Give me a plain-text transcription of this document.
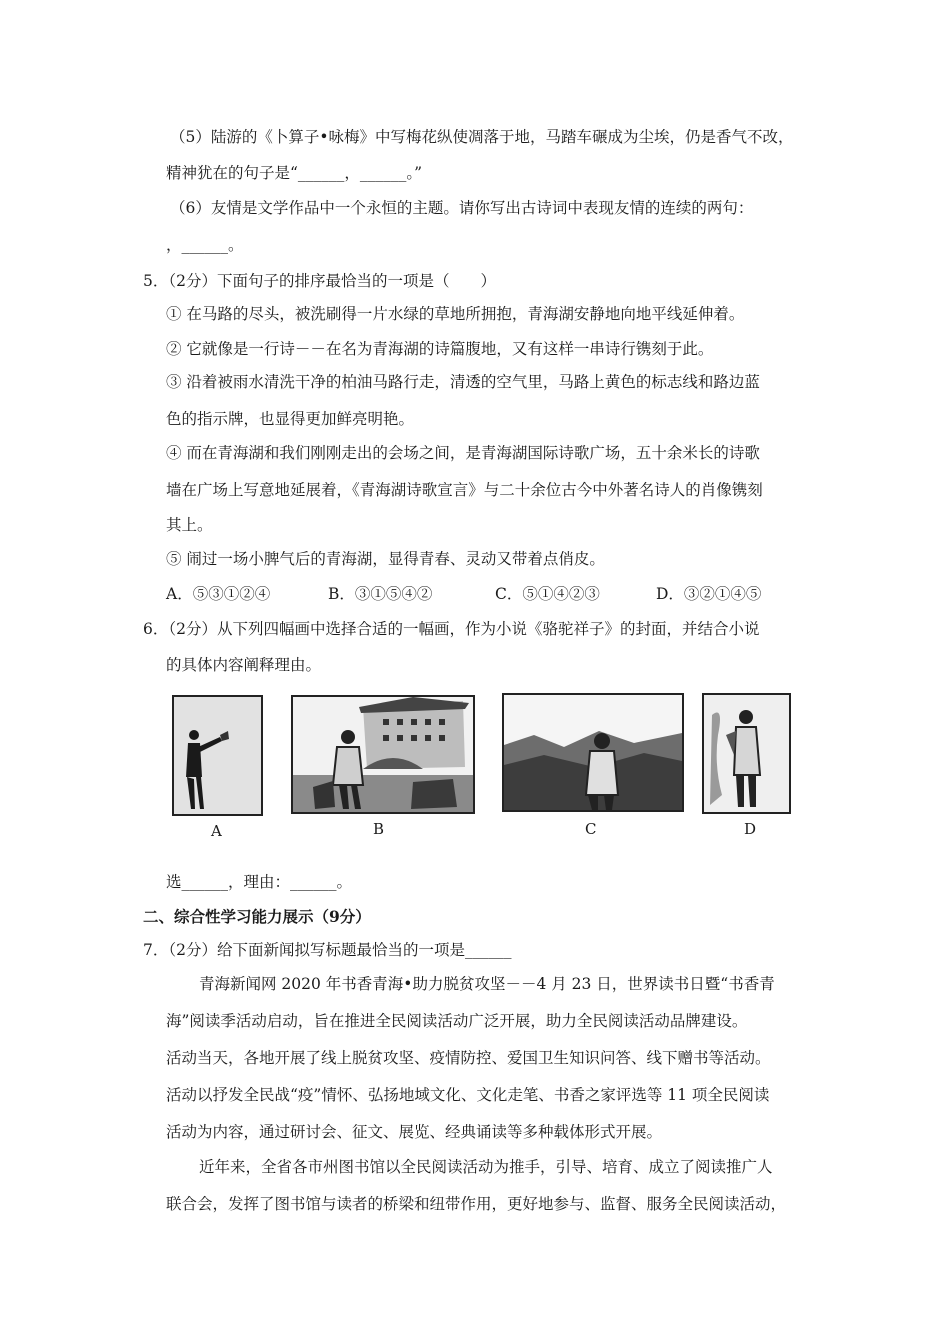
（5）陆游的《卜算子•咏梅》中写梅花纵使凋落于地，马踏车碾成为尘埃，仍是香气不改，
精神犹在的句子是“______，______。”
（6）友情是文学作品中一个永恒的主题。请你写出古诗词中表现友情的连续的两句：
，______。
5．（2分）下面句子的排序最恰当的一项是（　　）
① 在马路的尽头，被洗刷得一片水绿的草地所拥抱，青海湖安静地向地平线延伸着。
② 它就像是一行诗－－在名为青海湖的诗篇腹地，又有这样一串诗行镌刻于此。
③ 沿着被雨水清洗干净的柏油马路行走，清透的空气里，马路上黄色的标志线和路边蓝
色的指示牌，也显得更加鲜亮明艳。
④ 而在青海湖和我们刚刚走出的会场之间，是青海湖国际诗歌广场，五十余米长的诗歌
墙在广场上写意地延展着，《青海湖诗歌宣言》与二十余位古今中外著名诗人的肖像镌刻
其上。
⑤ 闹过一场小脾气后的青海湖，显得青春、灵动又带着点俏皮。
A．⑤③①②④	B．③①⑤④②	C．⑤①④②③	D．③②①④⑤
6．（2分）从下列四幅画中选择合适的一幅画，作为小说《骆驼祥子》的封面，并结合小说
的具体内容阐释理由。
A	B	C	D
选______，理由：______。
二、综合性学习能力展示（9分）
7．（2分）给下面新闻拟写标题最恰当的一项是______
青海新闻网 2020 年书香青海•助力脱贫攻坚－－4 月 23 日，世界读书日暨“书香青
海”阅读季活动启动，旨在推进全民阅读活动广泛开展，助力全民阅读活动品牌建设。
活动当天，各地开展了线上脱贫攻坚、疫情防控、爱国卫生知识问答、线下赠书等活动。
活动以抒发全民战“疫”情怀、弘扬地域文化、文化走笔、书香之家评选等 11 项全民阅读
活动为内容，通过研讨会、征文、展览、经典诵读等多种载体形式开展。
近年来，全省各市州图书馆以全民阅读活动为推手，引导、培育、成立了阅读推广人
联合会，发挥了图书馆与读者的桥梁和纽带作用，更好地参与、监督、服务全民阅读活动，
